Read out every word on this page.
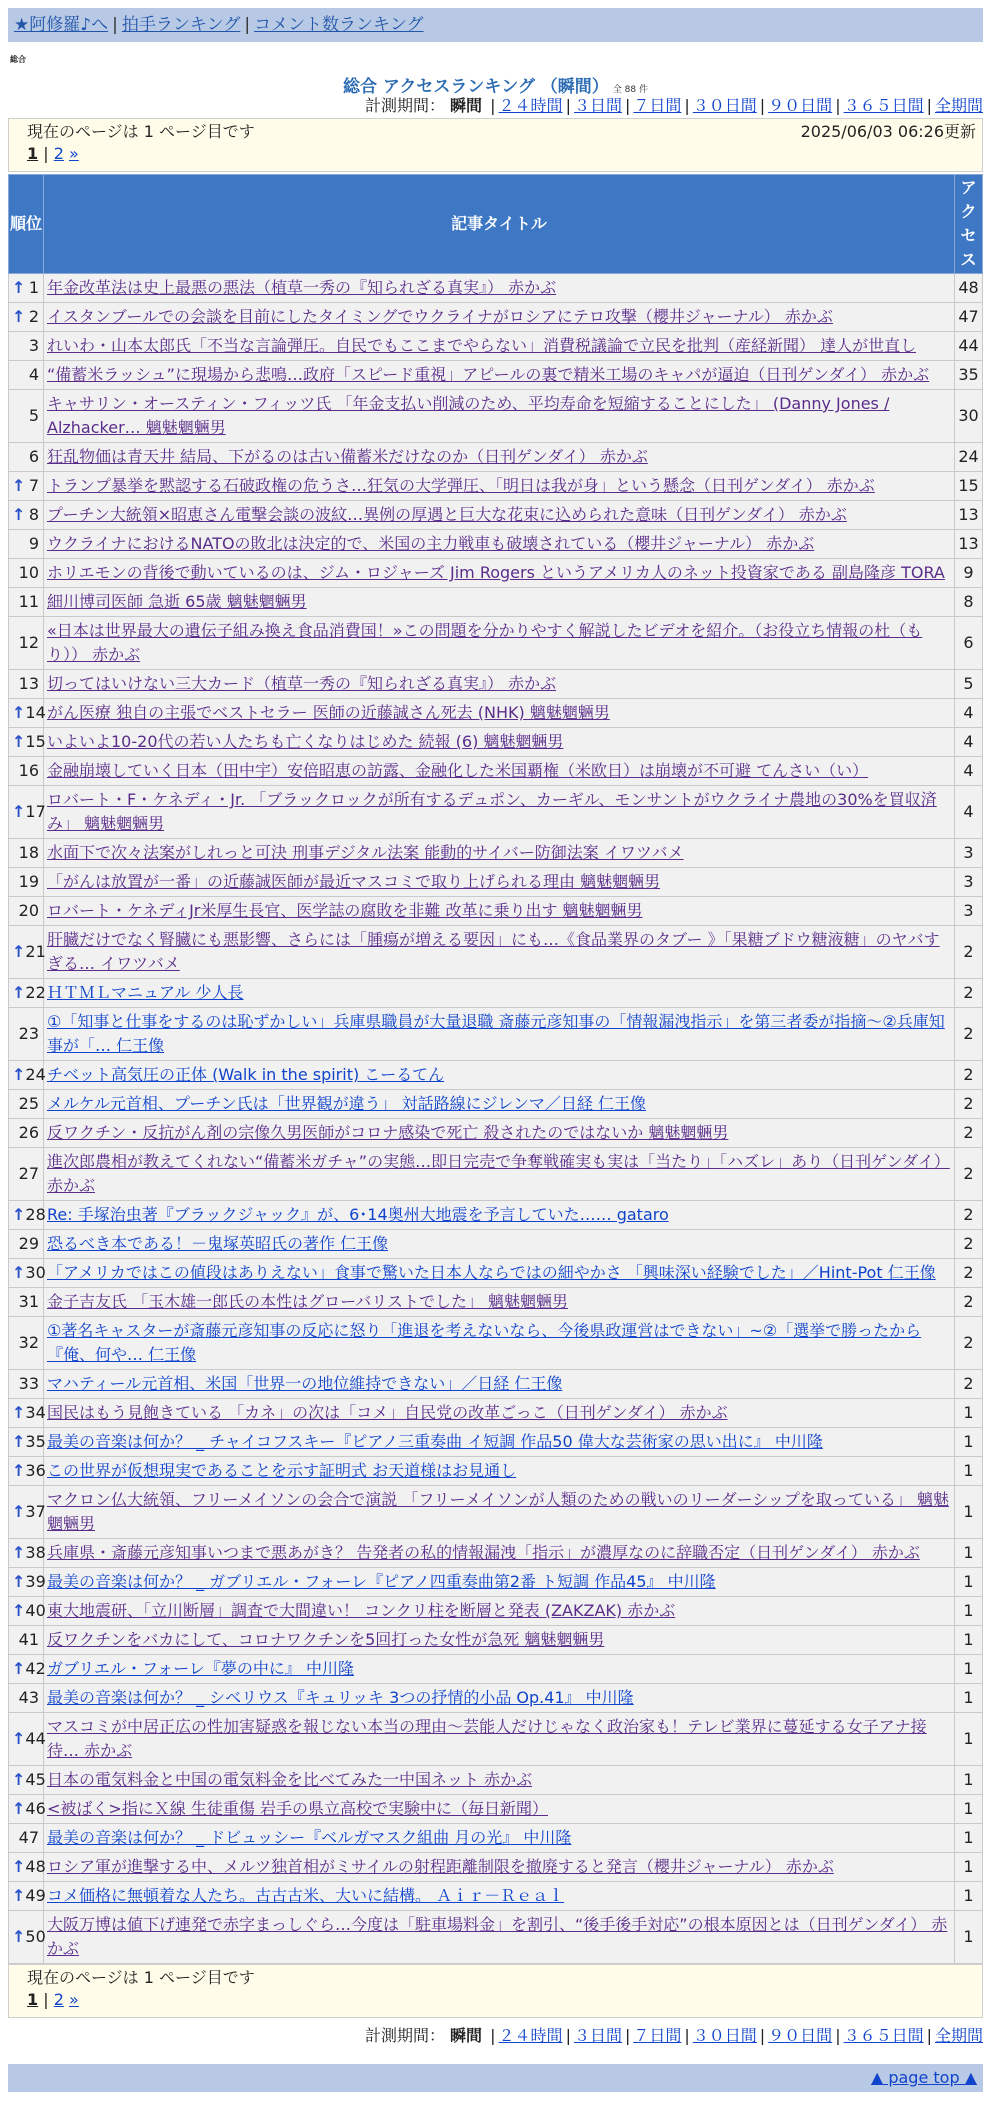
★阿修羅♪へ | 拍手ランキング | コメント数ランキング
総合
総合 アクセスランキング （瞬間） 全 88 件
計測期間： 瞬間 | ２４時間 | ３日間 | ７日間 | ３０日間 | ９０日間 | ３６５日間 | 全期間
現在のページは 1 ページ目です	2025/06/03 06:26更新
1 | 2 »
順位	記事タイトル	アクセス

↑ 1	年金改革法は史上最悪の悪法（植草一秀の『知られざる真実』） 赤かぶ	48

↑ 2	イスタンブールでの会談を目前にしたタイミングでウクライナがロシアにテロ攻撃（櫻井ジャーナル） 赤かぶ	47
3	れいわ・山本太郎氏「不当な言論弾圧。自民でもここまでやらない」消費税議論で立民を批判（産経新聞） 達人が世直し	44
4	“備蓄米ラッシュ”に現場から悲鳴…政府「スピード重視」アピールの裏で精米工場のキャパが逼迫（日刊ゲンダイ） 赤かぶ	35
5	キャサリン・オースティン・フィッツ氏 「年金支払い削減のため、平均寿命を短縮することにした」 (Danny Jones / Alzhacker… 魑魅魍魎男	30
6	狂乱物価は青天井 結局、下がるのは古い備蓄米だけなのか（日刊ゲンダイ） 赤かぶ	24

↑ 7	トランプ暴挙を黙認する石破政権の危うさ…狂気の大学弾圧、「明日は我が身」という懸念（日刊ゲンダイ） 赤かぶ	15

↑ 8	プーチン大統領×昭恵さん電撃会談の波紋…異例の厚遇と巨大な花束に込められた意味（日刊ゲンダイ） 赤かぶ	13
9	ウクライナにおけるNATOの敗北は決定的で、米国の主力戦車も破壊されている（櫻井ジャーナル） 赤かぶ	13
10	ホリエモンの背後で動いているのは、ジム・ロジャーズ Jim Rogers というアメリカ人のネット投資家である 副島隆彦 TORA	9
11	細川博司医師 急逝 65歳 魑魅魍魎男	8
12	«日本は世界最大の遺伝子組み換え食品消費国！»この問題を分かりやすく解説したビデオを紹介。（お役立ち情報の杜（もり）） 赤かぶ	6
13	切ってはいけない三大カード（植草一秀の『知られざる真実』） 赤かぶ	5

↑ 14	がん医療 独自の主張でベストセラー 医師の近藤誠さん死去 (NHK) 魑魅魍魎男	4

↑ 15	いよいよ10-20代の若い人たちも亡くなりはじめた 続報 (6) 魑魅魍魎男	4
16	金融崩壊していく日本（田中宇）安倍昭恵の訪露、金融化した米国覇権（米欧日）は崩壊が不可避 てんさい（い）	4

↑ 17	ロバート・F・ケネディ・Jr. 「ブラックロックが所有するデュポン、カーギル、モンサントがウクライナ農地の30%を買収済み」 魑魅魍魎男	4
18	水面下で次々法案がしれっと可決 刑事デジタル法案 能動的サイバー防御法案 イワツバメ	3
19	「がんは放置が一番」の近藤誠医師が最近マスコミで取り上げられる理由 魑魅魍魎男	3
20	ロバート・ケネディJr米厚生長官、医学誌の腐敗を非難 改革に乗り出す 魑魅魍魎男	3

↑ 21	肝臓だけでなく腎臓にも悪影響、さらには「腫瘍が増える要因」にも…《食品業界のタブー 》「果糖ブドウ糖液糖」のヤバすぎる… イワツバメ	2

↑ 22	ＨＴＭＬマニュアル 少人長	2
23	①「知事と仕事をするのは恥ずかしい」兵庫県職員が大量退職 斎藤元彦知事の「情報漏洩指示」を第三者委が指摘～②兵庫知事が「… 仁王像	2

↑ 24	チベット高気圧の正体 (Walk in the spirit) こーるてん	2
25	メルケル元首相、プーチン氏は「世界観が違う」 対話路線にジレンマ／日経 仁王像	2
26	反ワクチン・反抗がん剤の宗像久男医師がコロナ感染で死亡 殺されたのではないか 魑魅魍魎男	2
27	進次郎農相が教えてくれない“備蓄米ガチャ”の実態…即日完売で争奪戦確実も実は「当たり」「ハズレ」あり（日刊ゲンダイ） 赤かぶ	2

↑ 28	Re: 手塚治虫著『ブラックジャック』が、6･14奥州大地震を予言していた…… gataro	2
29	恐るべき本である！－鬼塚英昭氏の著作 仁王像	2

↑ 30	「アメリカではこの値段はありえない」食事で驚いた日本人ならではの細やかさ 「興味深い経験でした」／Hint-Pot 仁王像	2
31	金子吉友氏 「玉木雄一郎氏の本性はグローバリストでした」 魑魅魍魎男	2
32	①著名キャスターが斎藤元彦知事の反応に怒り「進退を考えないなら、今後県政運営はできない」~②「選挙で勝ったから『俺、何や… 仁王像	2
33	マハティール元首相、米国「世界一の地位維持できない」／日経 仁王像	2

↑ 34	国民はもう見飽きている 「カネ」の次は「コメ」自民党の改革ごっこ（日刊ゲンダイ） 赤かぶ	1

↑ 35	最美の音楽は何か？ _ チャイコフスキー『ピアノ三重奏曲 イ短調 作品50 偉大な芸術家の思い出に』 中川隆	1

↑ 36	この世界が仮想現実であることを示す証明式 お天道様はお見通し	1

↑ 37	マクロン仏大統領、フリーメイソンの会合で演説 「フリーメイソンが人類のための戦いのリーダーシップを取っている」 魑魅魍魎男	1

↑ 38	兵庫県・斎藤元彦知事いつまで悪あがき？ 告発者の私的情報漏洩「指示」が濃厚なのに辞職否定（日刊ゲンダイ） 赤かぶ	1

↑ 39	最美の音楽は何か？ _ ガブリエル・フォーレ『ピアノ四重奏曲第2番 ト短調 作品45』 中川隆	1

↑ 40	東大地震研、「立川断層」調査で大間違い！ コンクリ柱を断層と発表 (ZAKZAK) 赤かぶ	1
41	反ワクチンをバカにして、コロナワクチンを5回打った女性が急死 魑魅魍魎男	1

↑ 42	ガブリエル・フォーレ『夢の中に』 中川隆	1
43	最美の音楽は何か？ _ シベリウス『キュリッキ 3つの抒情的小品 Op.41』 中川隆	1

↑ 44	マスコミが中居正広の性加害疑惑を報じない本当の理由〜芸能人だけじゃなく政治家も！テレビ業界に蔓延する女子アナ接待… 赤かぶ	1

↑ 45	日本の電気料金と中国の電気料金を比べてみた一中国ネット 赤かぶ	1

↑ 46	<被ばく>指にＸ線 生徒重傷 岩手の県立高校で実験中に（毎日新聞）	1
47	最美の音楽は何か？ _ ドビュッシー『ベルガマスク組曲 月の光』 中川隆	1

↑ 48	ロシア軍が進撃する中、メルツ独首相がミサイルの射程距離制限を撤廃すると発言（櫻井ジャーナル） 赤かぶ	1

↑ 49	コメ価格に無頓着な人たち。古古古米、大いに結構。 Ａｉｒ－Ｒｅａｌ	1

↑ 50	大阪万博は値下げ連発で赤字まっしぐら…今度は「駐車場料金」を割引、“後手後手対応”の根本原因とは（日刊ゲンダイ） 赤かぶ	1
現在のページは 1 ページ目です
1 | 2 »
計測期間： 瞬間 | ２４時間 | ３日間 | ７日間 | ３０日間 | ９０日間 | ３６５日間 | 全期間
▲ page top ▲
